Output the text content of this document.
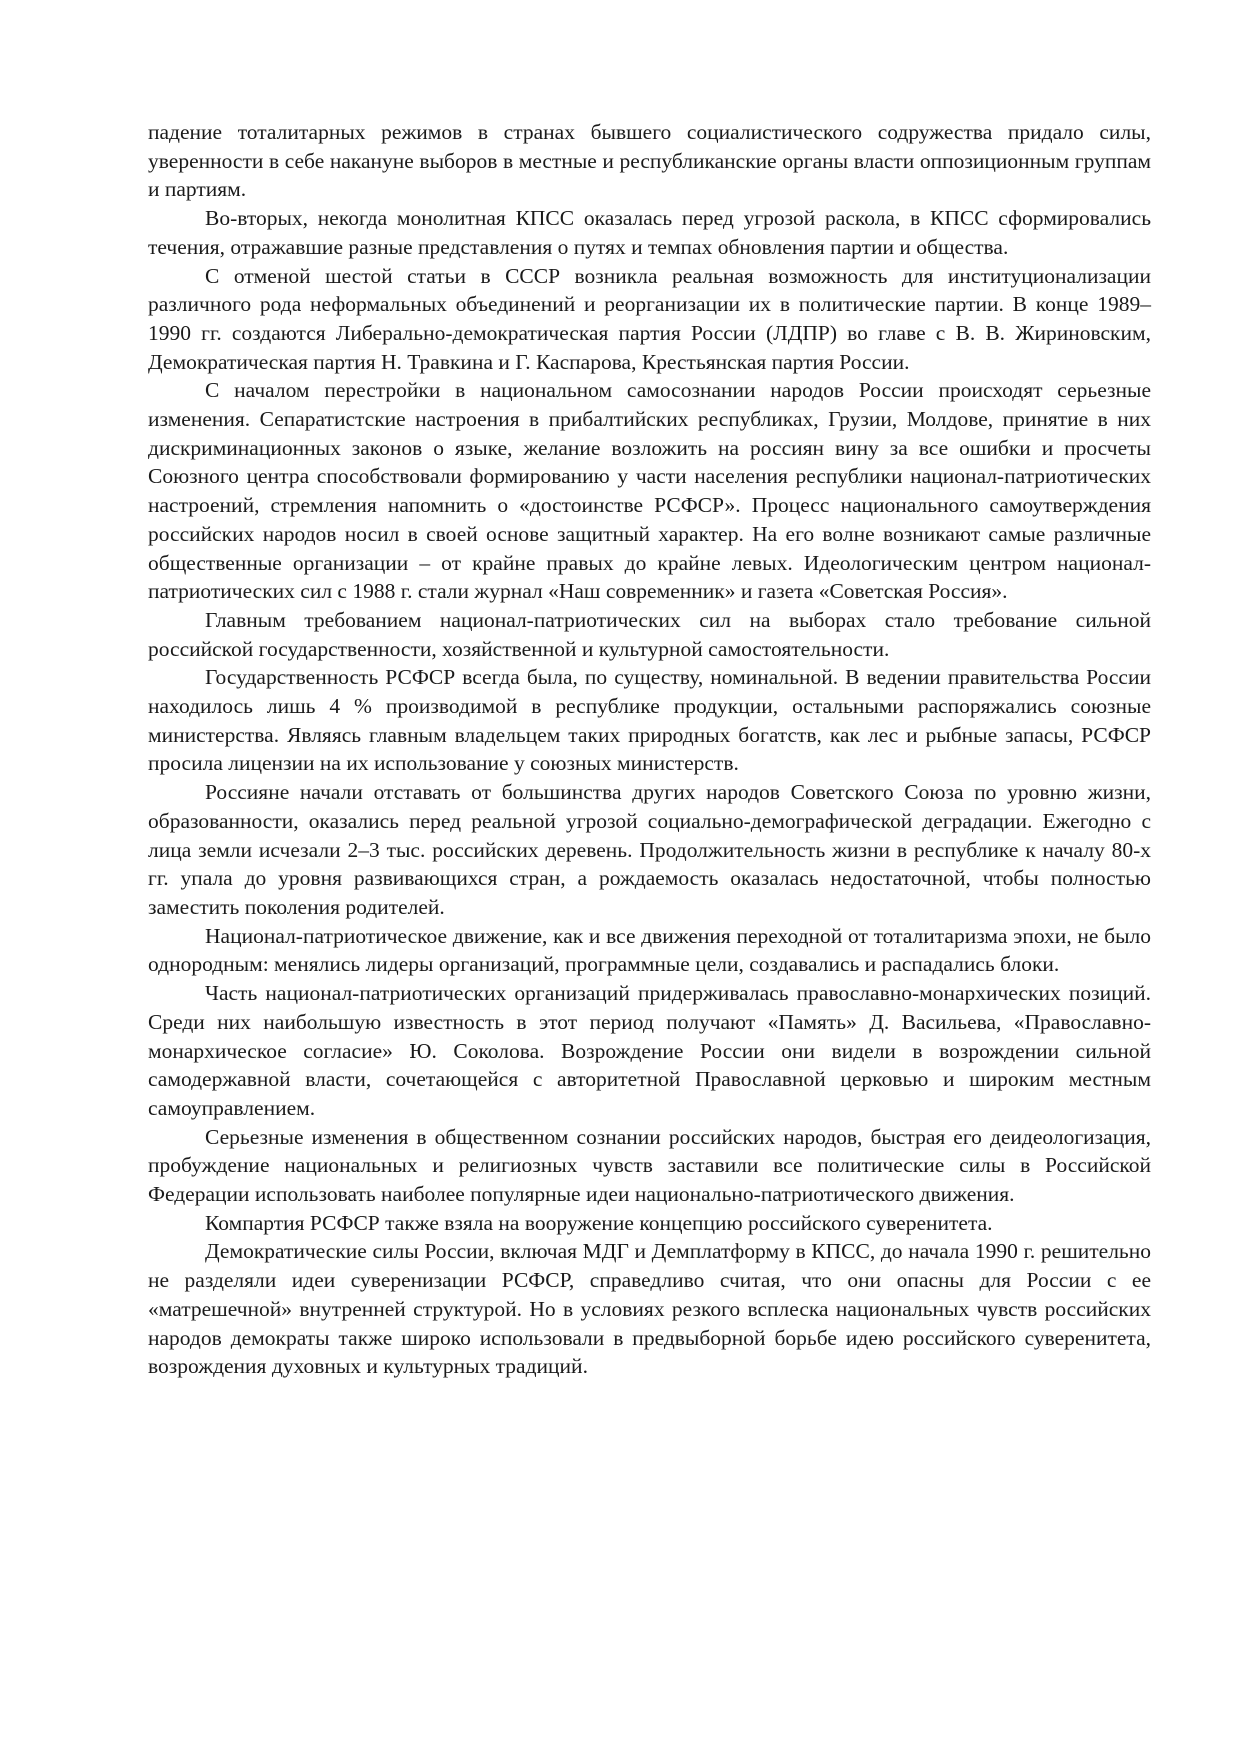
падение тоталитарных режимов в странах бывшего социалистического содружества придало силы, уверенности в себе накануне выборов в местные и республиканские органы власти оппозиционным группам и партиям.

Во-вторых, некогда монолитная КПСС оказалась перед угрозой раскола, в КПСС сформировались течения, отражавшие разные представления о путях и темпах обновления партии и общества.

С отменой шестой статьи в СССР возникла реальная возможность для институционализации различного рода неформальных объединений и реорганизации их в политические партии. В конце 1989–1990 гг. создаются Либерально-демократическая партия России (ЛДПР) во главе с В. В. Жириновским, Демократическая партия Н. Травкина и Г. Каспарова, Крестьянская партия России.

С началом перестройки в национальном самосознании народов России происходят серьезные изменения. Сепаратистские настроения в прибалтийских республиках, Грузии, Молдове, принятие в них дискриминационных законов о языке, желание возложить на россиян вину за все ошибки и просчеты Союзного центра способствовали формированию у части населения республики национал-патриотических настроений, стремления напомнить о «достоинстве РСФСР». Процесс национального самоутверждения российских народов носил в своей основе защитный характер. На его волне возникают самые различные общественные организации – от крайне правых до крайне левых. Идеологическим центром национал-патриотических сил с 1988 г. стали журнал «Наш современник» и газета «Советская Россия».

Главным требованием национал-патриотических сил на выборах стало требование сильной российской государственности, хозяйственной и культурной самостоятельности.

Государственность РСФСР всегда была, по существу, номинальной. В ведении правительства России находилось лишь 4 % производимой в республике продукции, остальными распоряжались союзные министерства. Являясь главным владельцем таких природных богатств, как лес и рыбные запасы, РСФСР просила лицензии на их использование у союзных министерств.

Россияне начали отставать от большинства других народов Советского Союза по уровню жизни, образованности, оказались перед реальной угрозой социально-демографической деградации. Ежегодно с лица земли исчезали 2–3 тыс. российских деревень. Продолжительность жизни в республике к началу 80-х гг. упала до уровня развивающихся стран, а рождаемость оказалась недостаточной, чтобы полностью заместить поколения родителей.

Национал-патриотическое движение, как и все движения переходной от тоталитаризма эпохи, не было однородным: менялись лидеры организаций, программные цели, создавались и распадались блоки.

Часть национал-патриотических организаций придерживалась православно-монархических позиций. Среди них наибольшую известность в этот период получают «Память» Д. Васильева, «Православно-монархическое согласие» Ю. Соколова. Возрождение России они видели в возрождении сильной самодержавной власти, сочетающейся с авторитетной Православной церковью и широким местным самоуправлением.

Серьезные изменения в общественном сознании российских народов, быстрая его деидеологизация, пробуждение национальных и религиозных чувств заставили все политические силы в Российской Федерации использовать наиболее популярные идеи национально-патриотического движения.

Компартия РСФСР также взяла на вооружение концепцию российского суверенитета.

Демократические силы России, включая МДГ и Демплатформу в КПСС, до начала 1990 г. решительно не разделяли идеи суверенизации РСФСР, справедливо считая, что они опасны для России с ее «матрешечной» внутренней структурой. Но в условиях резкого всплеска национальных чувств российских народов демократы также широко использовали в предвыборной борьбе идею российского суверенитета, возрождения духовных и культурных традиций.
